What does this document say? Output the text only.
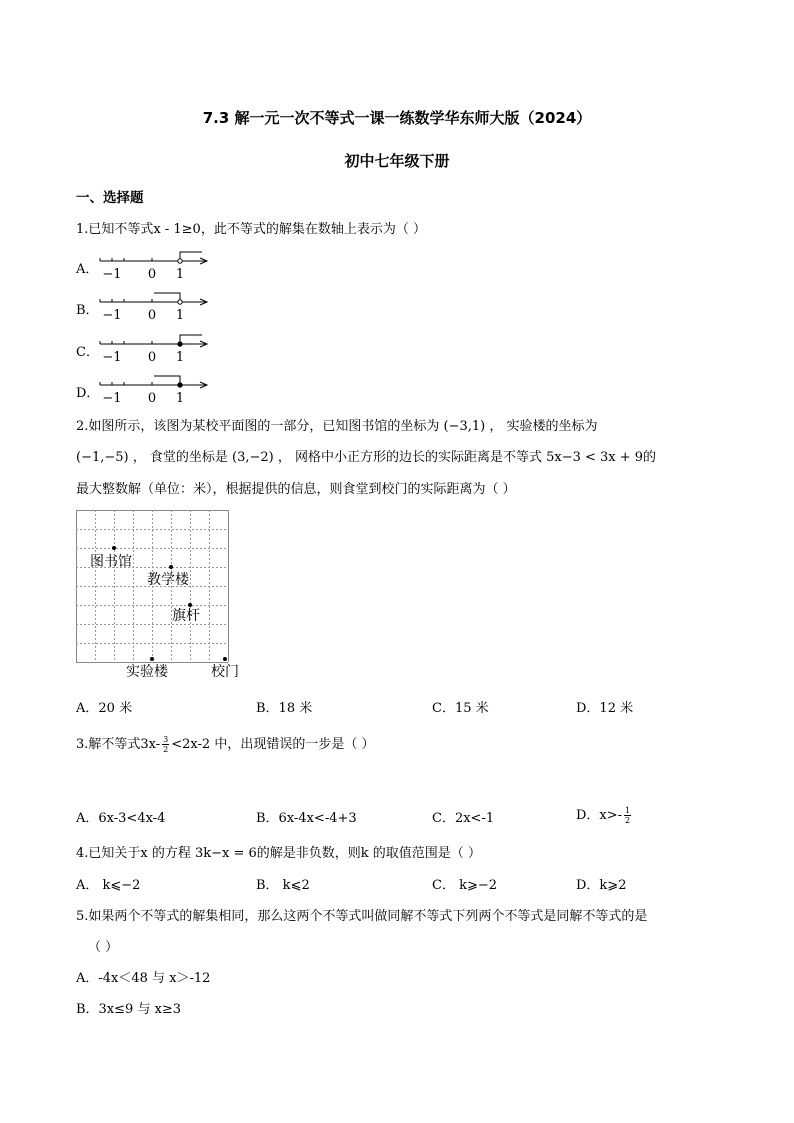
7.3 解一元一次不等式一课一练数学华东师大版（2024）
初中七年级下册
一、选择题
1.已知不等式x - 1≥0，此不等式的解集在数轴上表示为（ ）
A． −1 0 1
B． −1 0 1
C． −1 0 1
D． −1 0 1
2.如图所示，该图为某校平面图的一部分，已知图书馆的坐标为 (−3,1) ， 实验楼的坐标为
(−1,−5) ， 食堂的坐标是 (3,−2) ， 网格中小正方形的边长的实际距离是不等式 5x−3 < 3x + 9的
最大整数解（单位：米），根据提供的信息，则食堂到校门的实际距离为（ ）
图书馆
教学楼
旗杆
实验楼	校门
A．20 米	B．18 米	C．15 米	D．12 米
3.解不等式$3x- \frac{3}{2} <2x-2$ 中，出现错误的一步是（ ）
A．6x-3<4x-4	B．6x-4x<-4+3	C．2x<-1	D．$x>- \frac{1}{2}$
4.已知关于x 的方程 3k−x = 6的解是非负数，则k 的取值范围是（ ）
A． k⩽−2	B． k⩽2	C． k⩾−2	D．k⩾2
5.如果两个不等式的解集相同，那么这两个不等式叫做同解不等式下列两个不等式是同解不等式的是
（ ）
A．-4x＜48 与 x＞-12
B．3x≤9 与 x≥3
